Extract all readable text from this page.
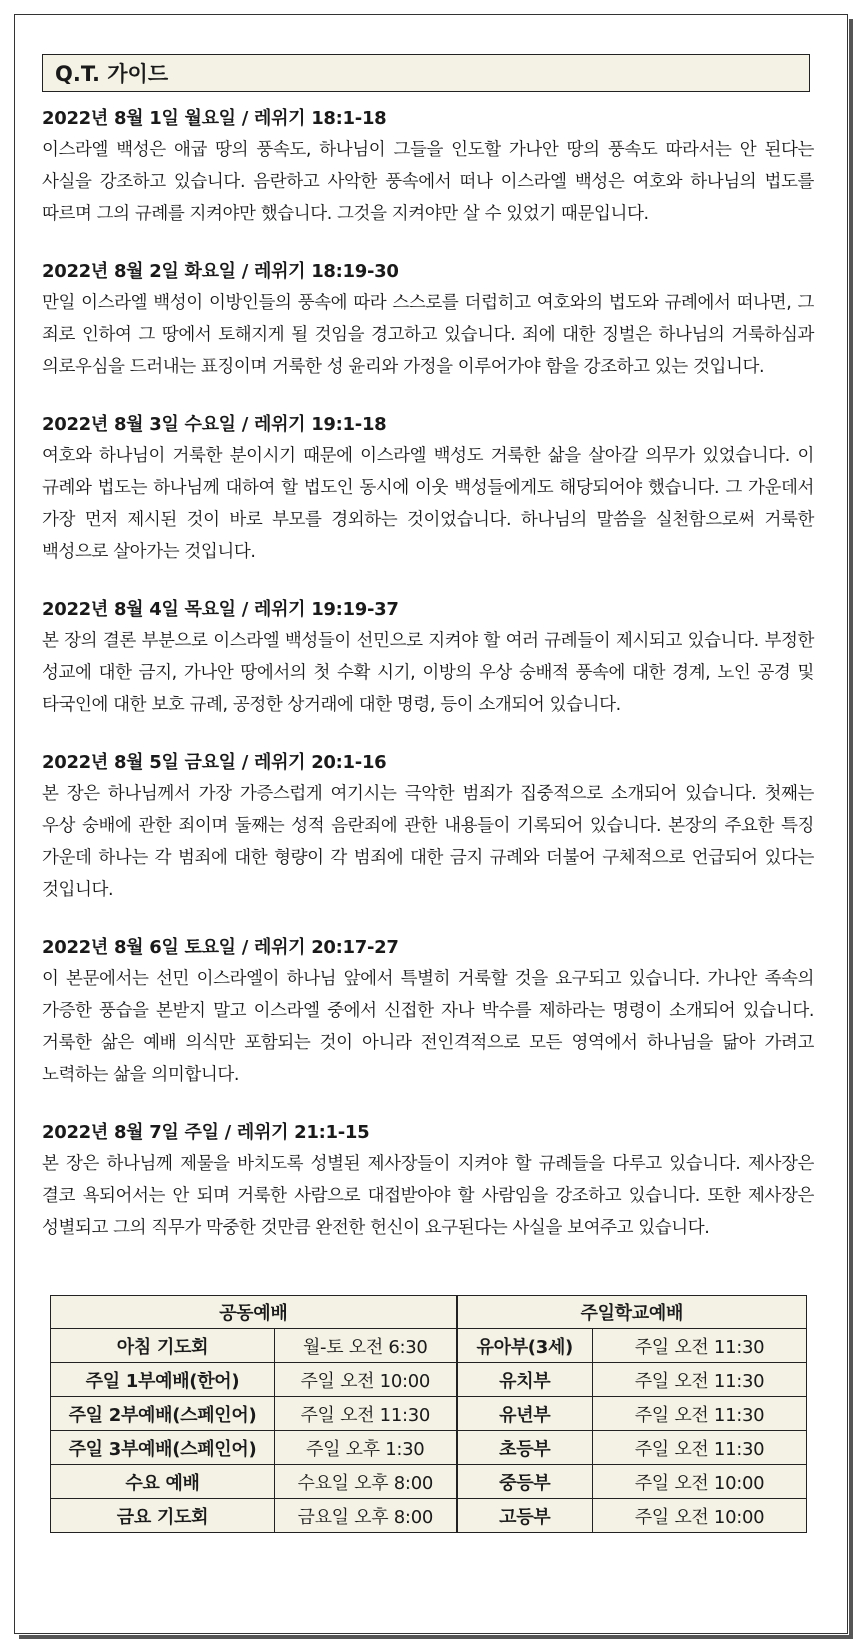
Q.T. 가이드
2022년 8월 1일 월요일 / 레위기 18:1-18
이스라엘 백성은 애굽 땅의 풍속도, 하나님이 그들을 인도할 가나안 땅의 풍속도 따라서는 안 된다는 사실을 강조하고 있습니다. 음란하고 사악한 풍속에서 떠나 이스라엘 백성은 여호와 하나님의 법도를 따르며 그의 규례를 지켜야만 했습니다. 그것을 지켜야만 살 수 있었기 때문입니다.
2022년 8월 2일 화요일 / 레위기 18:19-30
만일 이스라엘 백성이 이방인들의 풍속에 따라 스스로를 더럽히고 여호와의 법도와 규례에서 떠나면, 그 죄로 인하여 그 땅에서 토해지게 될 것임을 경고하고 있습니다. 죄에 대한 징벌은 하나님의 거룩하심과 의로우심을 드러내는 표징이며 거룩한 성 윤리와 가정을 이루어가야 함을 강조하고 있는 것입니다.
2022년 8월 3일 수요일 / 레위기 19:1-18
여호와 하나님이 거룩한 분이시기 때문에 이스라엘 백성도 거룩한 삶을 살아갈 의무가 있었습니다. 이 규례와 법도는 하나님께 대하여 할 법도인 동시에 이웃 백성들에게도 해당되어야 했습니다. 그 가운데서 가장 먼저 제시된 것이 바로 부모를 경외하는 것이었습니다. 하나님의 말씀을 실천함으로써 거룩한 백성으로 살아가는 것입니다.
2022년 8월 4일 목요일 / 레위기 19:19-37
본 장의 결론 부분으로 이스라엘 백성들이 선민으로 지켜야 할 여러 규례들이 제시되고 있습니다. 부정한 성교에 대한 금지, 가나안 땅에서의 첫 수확 시기, 이방의 우상 숭배적 풍속에 대한 경계, 노인 공경 및 타국인에 대한 보호 규례, 공정한 상거래에 대한 명령, 등이 소개되어 있습니다.
2022년 8월 5일 금요일 / 레위기 20:1-16
본 장은 하나님께서 가장 가증스럽게 여기시는 극악한 범죄가 집중적으로 소개되어 있습니다. 첫째는 우상 숭배에 관한 죄이며 둘째는 성적 음란죄에 관한 내용들이 기록되어 있습니다. 본장의 주요한 특징 가운데 하나는 각 범죄에 대한 형량이 각 범죄에 대한 금지 규례와 더불어 구체적으로 언급되어 있다는 것입니다.
2022년 8월 6일 토요일 / 레위기 20:17-27
이 본문에서는 선민 이스라엘이 하나님 앞에서 특별히 거룩할 것을 요구되고 있습니다. 가나안 족속의 가증한 풍습을 본받지 말고 이스라엘 중에서 신접한 자나 박수를 제하라는 명령이 소개되어 있습니다. 거룩한 삶은 예배 의식만 포함되는 것이 아니라 전인격적으로 모든 영역에서 하나님을 닮아 가려고 노력하는 삶을 의미합니다.
2022년 8월 7일 주일 / 레위기 21:1-15
본 장은 하나님께 제물을 바치도록 성별된 제사장들이 지켜야 할 규례들을 다루고 있습니다. 제사장은 결코 욕되어서는 안 되며 거룩한 사람으로 대접받아야 할 사람임을 강조하고 있습니다. 또한 제사장은 성별되고 그의 직무가 막중한 것만큼 완전한 헌신이 요구된다는 사실을 보여주고 있습니다.
공동예배		주일학교예배	
아침 기도회	월-토 오전 6:30	유아부(3세)	주일 오전 11:30
주일 1부예배(한어)	주일 오전 10:00	유치부	주일 오전 11:30
주일 2부예배(스페인어)	주일 오전 11:30	유년부	주일 오전 11:30
주일 3부예배(스페인어)	주일 오후 1:30	초등부	주일 오전 11:30
수요 예배	수요일 오후 8:00	중등부	주일 오전 10:00
금요 기도회	금요일 오후 8:00	고등부	주일 오전 10:00
